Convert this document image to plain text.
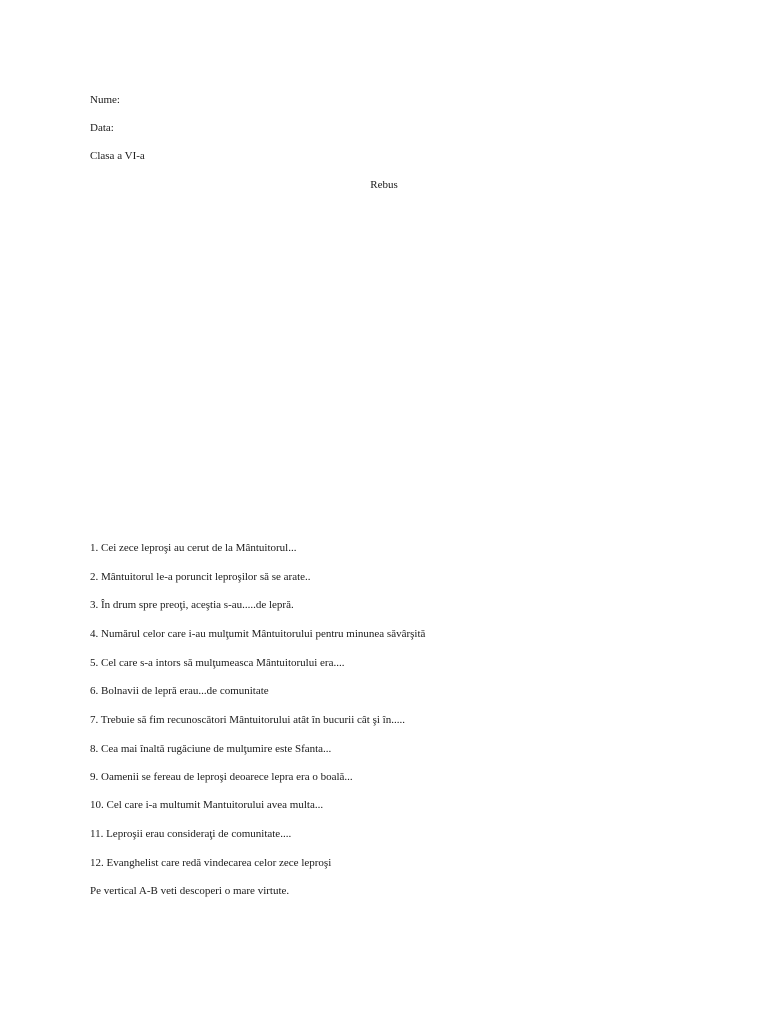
Nume:
Data:
Clasa a VI-a
Rebus
1. Cei zece leproşi au cerut de la Mântuitorul...
2. Mântuitorul le-a poruncit leproşilor să se arate..
3. În drum spre preoţi, aceştia s-au.....de lepră.
4. Numărul celor care i-au mulţumit Mântuitorului pentru minunea săvârşită
5. Cel care s-a intors să mulţumeasca Mântuitorului era....
6. Bolnavii de lepră erau...de comunitate
7. Trebuie să fim recunoscători Mântuitorului atât în bucurii cât şi în.....
8. Cea mai înaltă rugăciune de mulţumire este Sfanta...
9. Oamenii se fereau de leproşi deoarece lepra era o boală...
10. Cel care i-a multumit Mantuitorului avea multa...
11. Leproşii erau consideraţi de comunitate....
12. Evanghelist care redă vindecarea celor zece leproşi
Pe vertical A-B veti descoperi o mare virtute.
